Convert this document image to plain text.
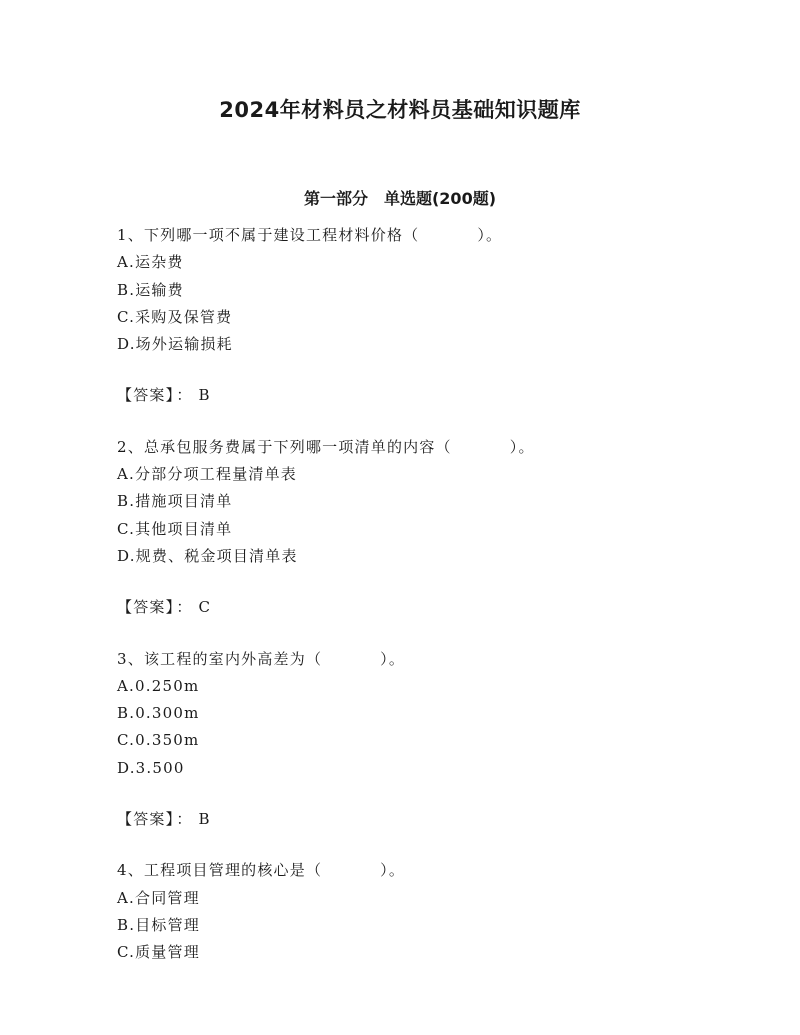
2024年材料员之材料员基础知识题库
第一部分　单选题(200题)
1、下列哪一项不属于建设工程材料价格（	）。
A.运杂费
B.运输费
C.采购及保管费
D.场外运输损耗
【答案】 ： B
2、总承包服务费属于下列哪一项清单的内容（	）。
A.分部分项工程量清单表
B.措施项目清单
C.其他项目清单
D.规费、税金项目清单表
【答案】 ： C
3、该工程的室内外高差为（	）。
A.0.250m
B.0.300m
C.0.350m
D.3.500
【答案】 ： B
4、工程项目管理的核心是（	）。
A.合同管理
B.目标管理
C.质量管理
